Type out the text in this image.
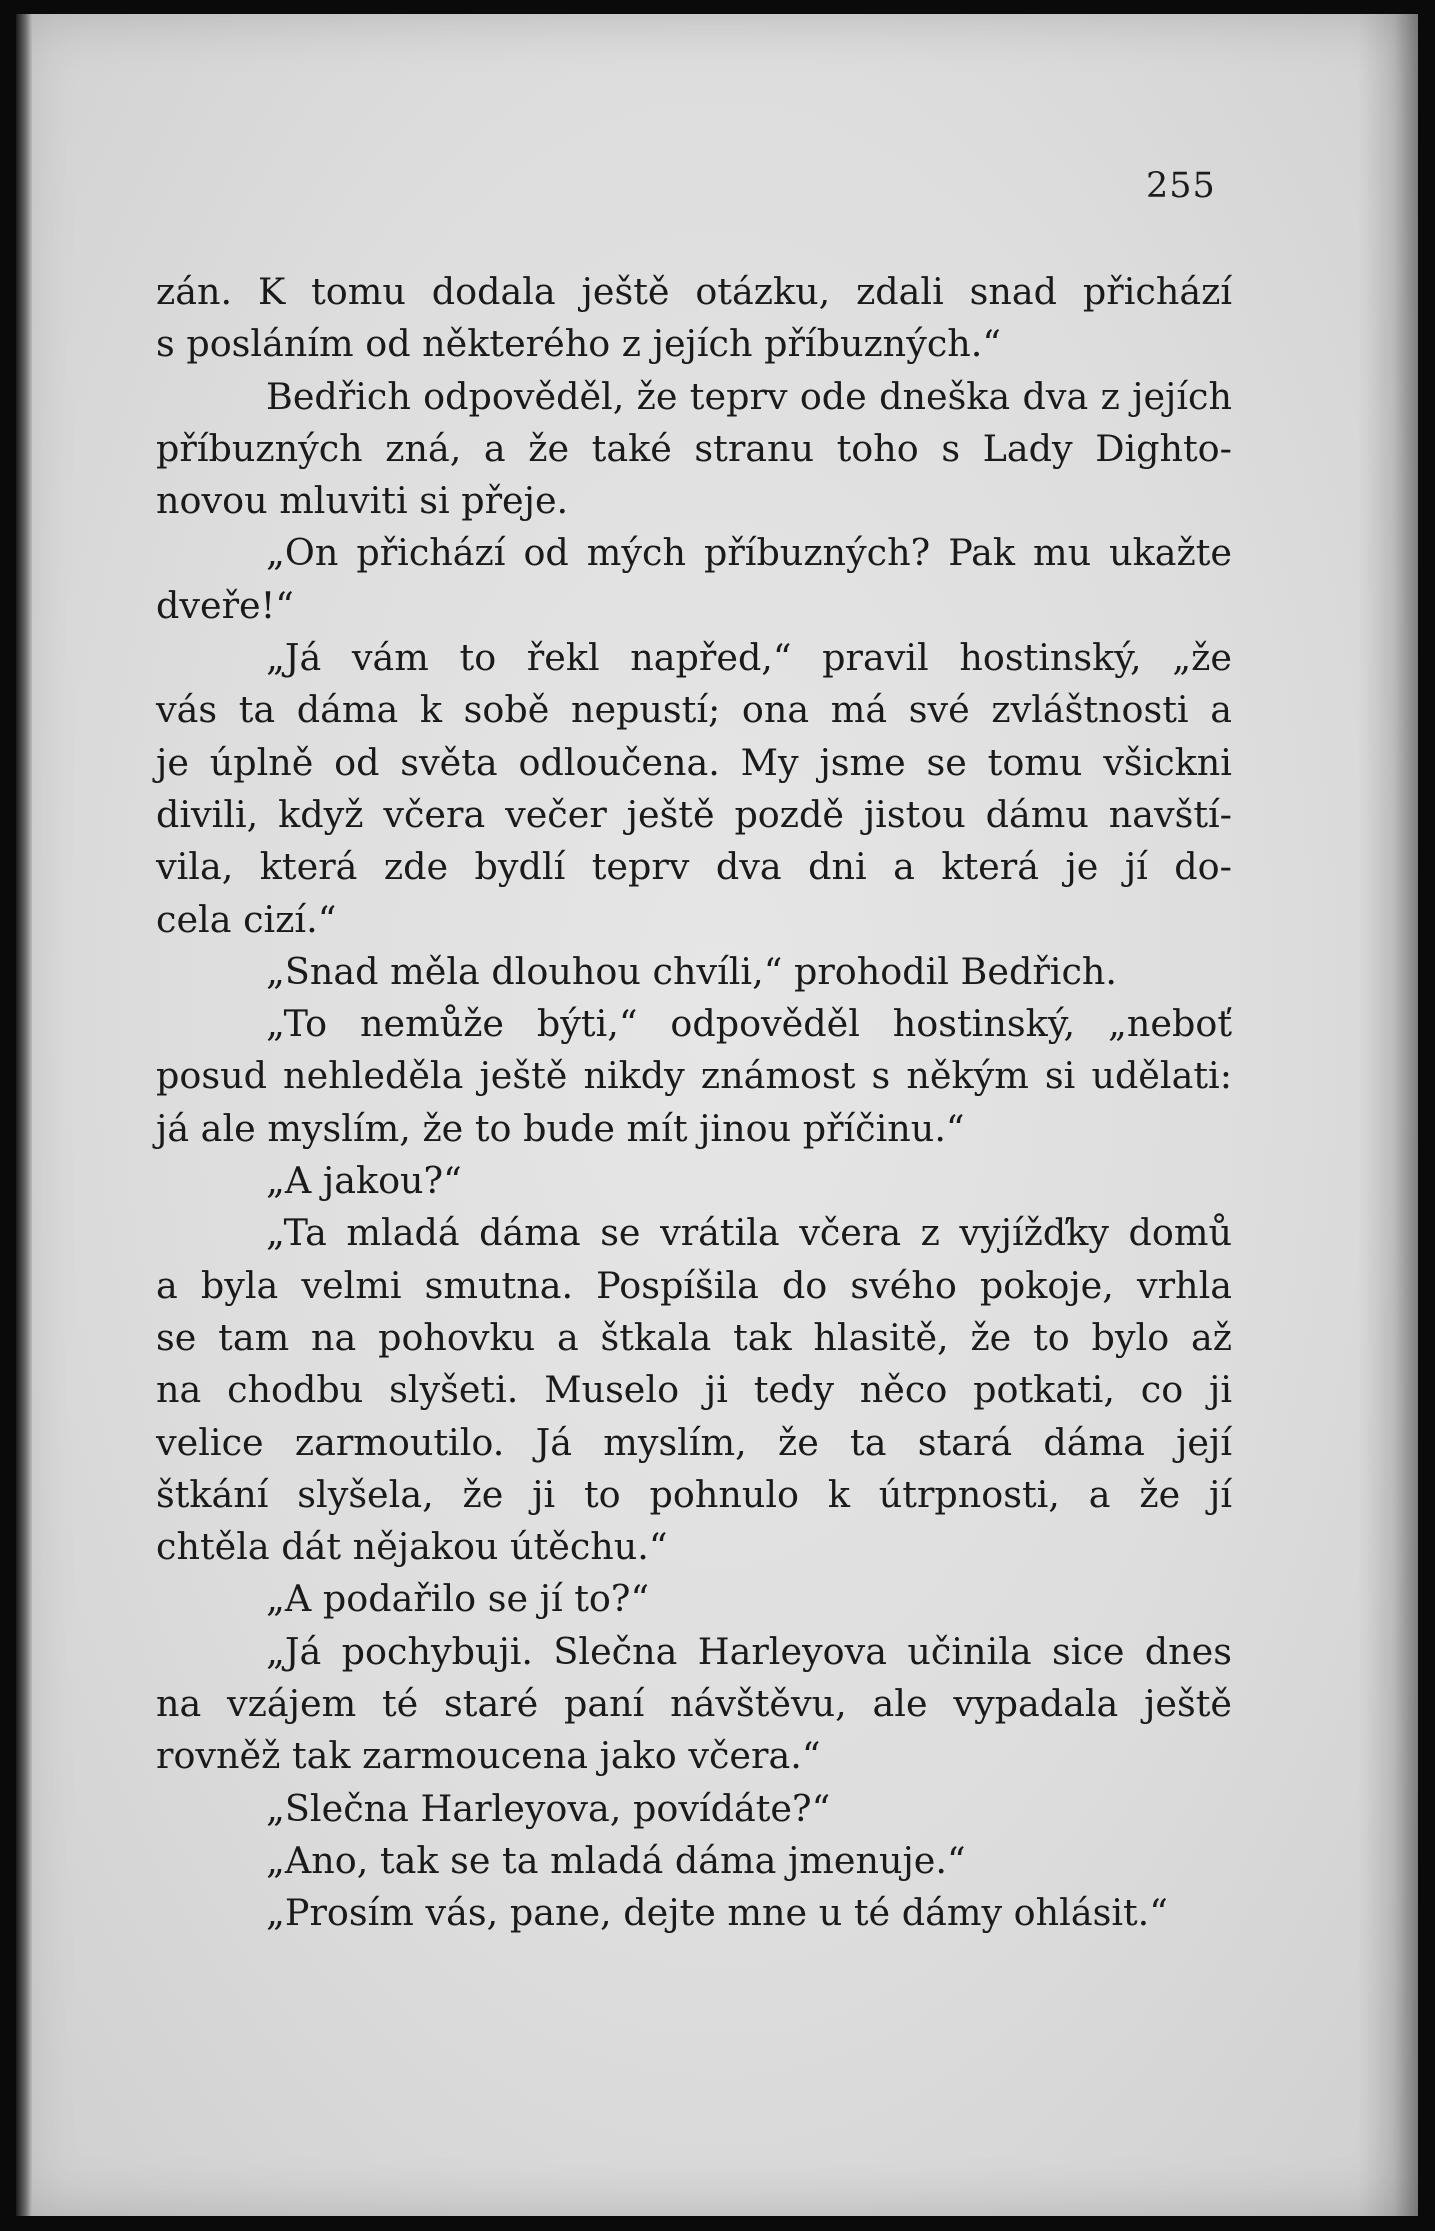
255
zán. K tomu dodala ještě otázku, zdali snad přichází
s posláním od některého z jejích příbuzných.“
Bedřich odpověděl, že teprv ode dneška dva z jejích
příbuzných zná, a že také stranu toho s Lady Dighto-
novou mluviti si přeje.
„On přichází od mých příbuzných? Pak mu ukažte
dveře!“
„Já vám to řekl napřed,“ pravil hostinský, „že
vás ta dáma k sobě nepustí; ona má své zvláštnosti a
je úplně od světa odloučena. My jsme se tomu všickni
divili, když včera večer ještě pozdě jistou dámu navští-
vila, která zde bydlí teprv dva dni a která je jí do-
cela cizí.“
„Snad měla dlouhou chvíli,“ prohodil Bedřich.
„To nemůže býti,“ odpověděl hostinský, „neboť
posud nehleděla ještě nikdy známost s někým si udělati:
já ale myslím, že to bude mít jinou příčinu.“
„A jakou?“
„Ta mladá dáma se vrátila včera z vyjížďky domů
a byla velmi smutna. Pospíšila do svého pokoje, vrhla
se tam na pohovku a štkala tak hlasitě, že to bylo až
na chodbu slyšeti. Muselo ji tedy něco potkati, co ji
velice zarmoutilo. Já myslím, že ta stará dáma její
štkání slyšela, že ji to pohnulo k útrpnosti, a že jí
chtěla dát nějakou útěchu.“
„A podařilo se jí to?“
„Já pochybuji. Slečna Harleyova učinila sice dnes
na vzájem té staré paní návštěvu, ale vypadala ještě
rovněž tak zarmoucena jako včera.“
„Slečna Harleyova, povídáte?“
„Ano, tak se ta mladá dáma jmenuje.“
„Prosím vás, pane, dejte mne u té dámy ohlásit.“
